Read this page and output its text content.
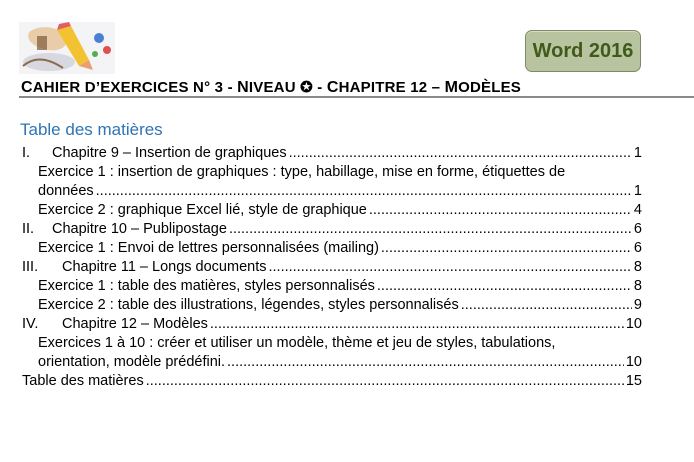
Word 2016
CAHIER D’EXERCICES N° 3 - NIVEAU ✪ - CHAPITRE 12 – MODÈLES
Table des matières
I.	Chapitre 9 – Insertion de graphiques .....	1
Exercice 1 : insertion de graphiques : type, habillage, mise en forme, étiquettes de
données .....	1
Exercice 2 : graphique Excel lié, style de graphique .....	4
II.	Chapitre 10 – Publipostage .....	6
Exercice 1 : Envoi de lettres personnalisées (mailing) .....	6
III.	Chapitre 11 – Longs documents .....	8
Exercice 1 : table des matières, styles personnalisés .....	8
Exercice 2 : table des illustrations, légendes, styles personnalisés .....	9
IV.	Chapitre 12 – Modèles .....	10
Exercices 1 à 10 : créer et utiliser un modèle, thème et jeu de styles, tabulations,
orientation, modèle prédéfini. .....	10
Table des matières .....	15
